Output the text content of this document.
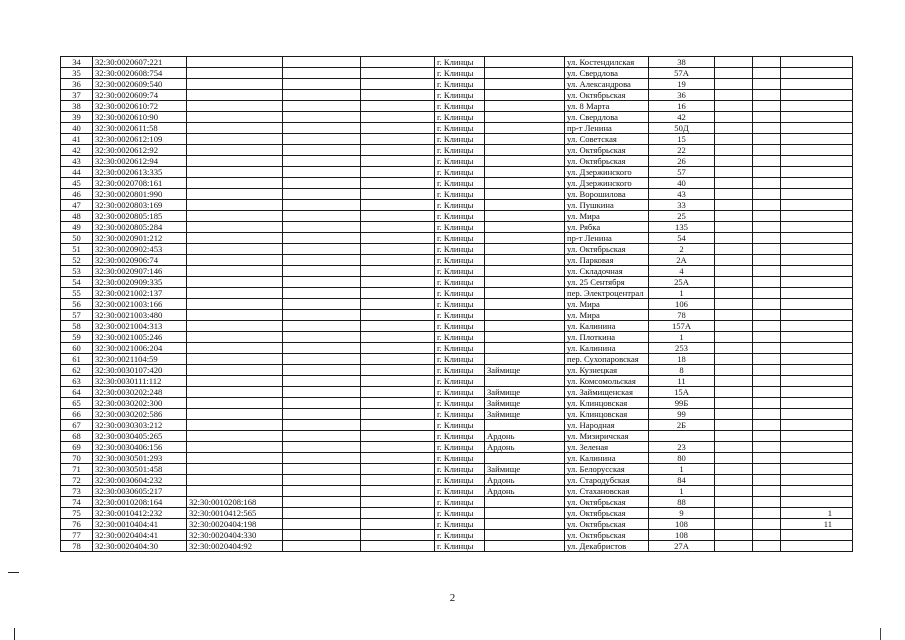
34	32:30:0020607:221				г. Клинцы		ул. Костендилская	38			
35	32:30:0020608:754				г. Клинцы		ул. Свердлова	57А			
36	32:30:0020609:540				г. Клинцы		ул. Александрова	19			
37	32:30:0020609:74				г. Клинцы		ул. Октябрьская	36			
38	32:30:0020610:72				г. Клинцы		ул. 8 Марта	16			
39	32:30:0020610:90				г. Клинцы		ул. Свердлова	42			
40	32:30:0020611:58				г. Клинцы		пр-т Ленина	50Д			
41	32:30:0020612:109				г. Клинцы		ул. Советская	15			
42	32:30:0020612:92				г. Клинцы		ул. Октябрьская	22			
43	32:30:0020612:94				г. Клинцы		ул. Октябрьская	26			
44	32:30:0020613:335				г. Клинцы		ул. Дзержинского	57			
45	32:30:0020708:161				г. Клинцы		ул. Дзержинского	40			
46	32:30:0020801:990				г. Клинцы		ул. Ворошилова	43			
47	32:30:0020803:169				г. Клинцы		ул. Пушкина	33			
48	32:30:0020805:185				г. Клинцы		ул. Мира	25			
49	32:30:0020805:284				г. Клинцы		ул. Рябка	135			
50	32:30:0020901:212				г. Клинцы		пр-т Ленина	54			
51	32:30:0020902:453				г. Клинцы		ул. Октябрьская	2			
52	32:30:0020906:74				г. Клинцы		ул. Парковая	2А			
53	32:30:0020907:146				г. Клинцы		ул. Складочная	4			
54	32:30:0020909:335				г. Клинцы		ул. 25 Сентября	25А			
55	32:30:0021002:137				г. Клинцы		пер. Электроцентрал	1			
56	32:30:0021003:166				г. Клинцы		ул. Мира	106			
57	32:30:0021003:480				г. Клинцы		ул. Мира	78			
58	32:30:0021004:313				г. Клинцы		ул. Калинина	157А			
59	32:30:0021005:246				г. Клинцы		ул. Плоткина	1			
60	32:30:0021006:204				г. Клинцы		ул. Калинина	253			
61	32:30:0021104:59				г. Клинцы		пер. Сухопаровская	18			
62	32:30:0030107:420				г. Клинцы	Займище	ул. Кузнецкая	8			
63	32:30:0030111:112				г. Клинцы		ул. Комсомольская	11			
64	32:30:0030202:248				г. Клинцы	Займище	ул. Займищенская	15А			
65	32:30:0030202:300				г. Клинцы	Займище	ул. Клинцовская	99Б			
66	32:30:0030202:586				г. Клинцы	Займище	ул. Клинцовская	99			
67	32:30:0030303:212				г. Клинцы		ул. Народная	2Б			
68	32:30:0030405:265				г. Клинцы	Ардонь	ул. Мизиричская				
69	32:30:0030406:156				г. Клинцы	Ардонь	ул. Зеленая	23			
70	32:30:0030501:293				г. Клинцы		ул. Калинина	80			
71	32:30:0030501:458				г. Клинцы	Займище	ул. Белорусская	1			
72	32:30:0030604:232				г. Клинцы	Ардонь	ул. Стародубская	84			
73	32:30:0030605:217				г. Клинцы	Ардонь	ул. Стахановская	1			
74	32:30:0010208:164	32:30:0010208:168			г. Клинцы		ул. Октябрьская	88			
75	32:30:0010412:232	32:30:0010412:565			г. Клинцы		ул. Октябрьская	9			1
76	32:30:0010404:41	32:30:0020404:198			г. Клинцы		ул. Октябрьская	108			11
77	32:30:0020404:41	32:30:0020404:330			г. Клинцы		ул. Октябрьская	108			
78	32:30:0020404:30	32:30:0020404:92			г. Клинцы		ул. Декабристов	27А			
2
